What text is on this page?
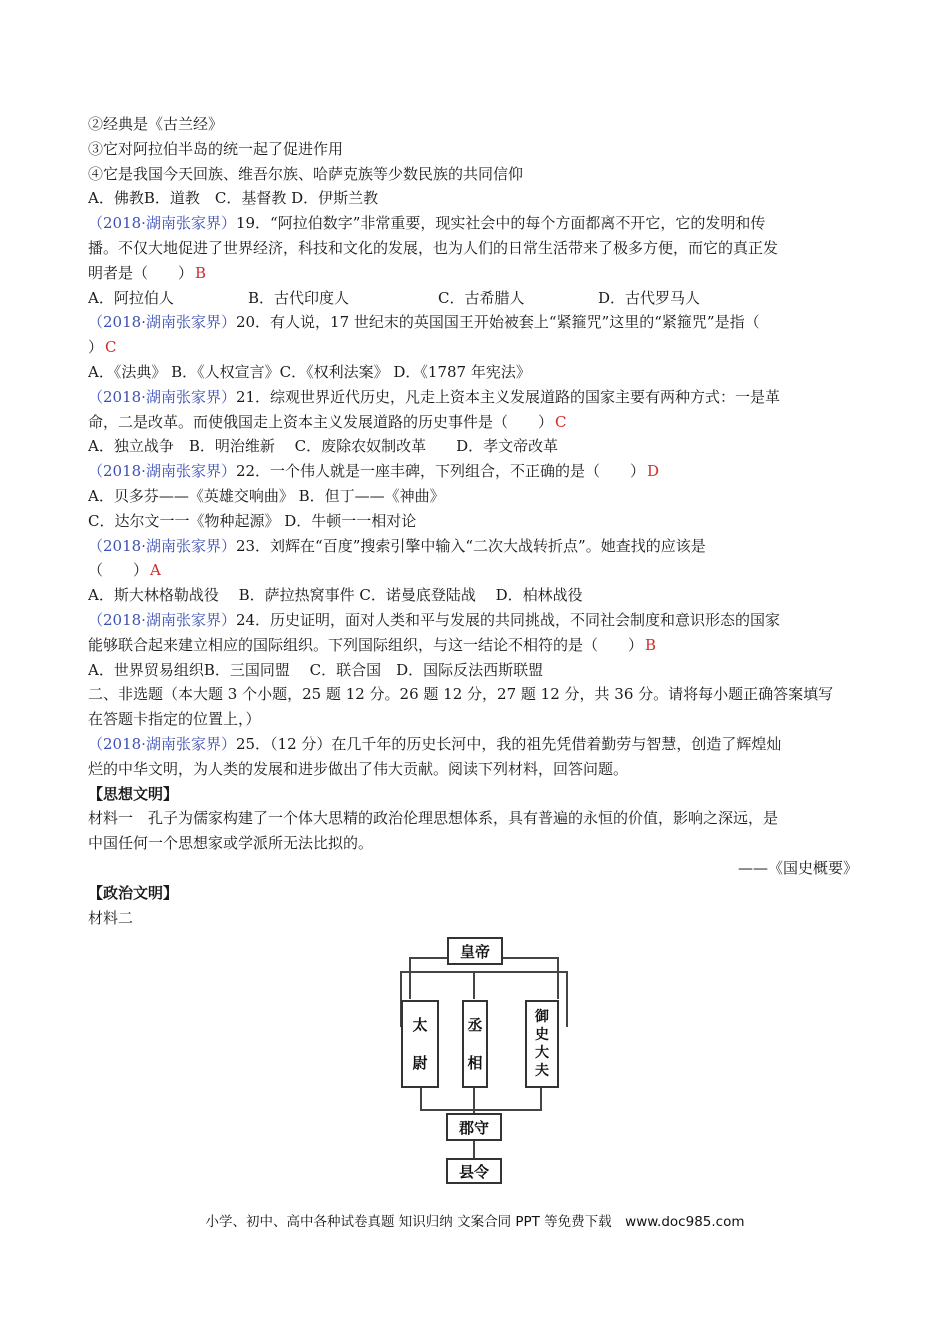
②经典是《古兰经》
③它对阿拉伯半岛的统一起了促进作用
④它是我国今天回族、维吾尔族、哈萨克族等少数民族的共同信仰
A．佛教B．道教　C．基督教 D．伊斯兰教
（2018·湖南张家界）19．“阿拉伯数字”非常重要，现实社会中的每个方面都离不开它，它的发明和传
播。不仅大地促进了世界经济，科技和文化的发展，也为人们的日常生活带来了极多方便，而它的真正发
明者是（　　） B
A．阿拉伯人	B．古代印度人	C．古希腊人	D．古代罗马人
（2018·湖南张家界）20．有人说，17 世纪末的英国国王开始被套上“紧箍咒”这里的“紧箍咒”是指（
） C
A．《法典》 B．《人权宣言》C．《权利法案》 D．《1787 年宪法》
（2018·湖南张家界）21．综观世界近代历史，凡走上资本主义发展道路的国家主要有两种方式：一是革
命，二是改革。而使俄国走上资本主义发展道路的历史事件是（　　） C
A．独立战争　B．明治维新　 C．废除农奴制改革　　D．孝文帝改革
（2018·湖南张家界）22．一个伟人就是一座丰碑，下列组合，不正确的是（　　） D
A．贝多芬——《英雄交响曲》 B．但丁——《神曲》
C．达尔文一一《物种起源》 D．牛顿一一相对论
（2018·湖南张家界）23．刘辉在“百度”搜索引擎中输入“二次大战转折点”。她查找的应该是
（　　） A
A．斯大林格勒战役　 B．萨拉热窝事件 C．诺曼底登陆战　 D．柏林战役
（2018·湖南张家界）24．历史证明，面对人类和平与发展的共同挑战，不同社会制度和意识形态的国家
能够联合起来建立相应的国际组织。下列国际组织，与这一结论不相符的是（　　） B
A．世界贸易组织B．三国同盟　 C．联合国　D．国际反法西斯联盟
二、非选题（本大题 3 个小题，25 题 12 分。26 题 12 分，27 题 12 分，共 36 分。请将每小题正确答案填写
在答题卡指定的位置上，）
（2018·湖南张家界）25．（12 分）在几千年的历史长河中，我的祖先凭借着勤劳与智慧，创造了辉煌灿
烂的中华文明，为人类的发展和进步做出了伟大贡献。阅读下列材料，回答问题。
【思想文明】
材料一　孔子为儒家构建了一个体大思精的政治伦理思想体系，具有普遍的永恒的价值，影响之深远，是
中国任何一个思想家或学派所无法比拟的。
——《国史概要》
【政治文明】
材料二
皇帝
太
尉
丞
相
御
史
大
夫
郡守
县令
小学、初中、高中各种试卷真题 知识归纳 文案合同 PPT 等免费下载　www.doc985.com
